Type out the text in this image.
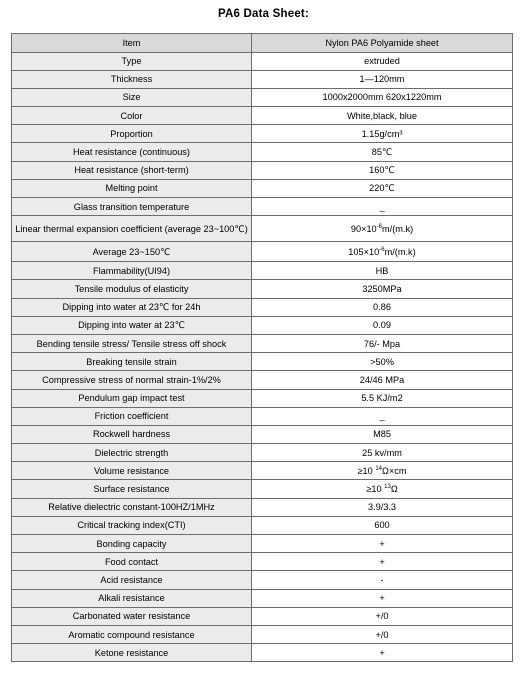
PA6 Data Sheet:
Item	Nylon PA6 Polyamide sheet
Type	extruded
Thickness	1—120mm
Size	1000x2000mm 620x1220mm
Color	White,black, blue
Proportion	1.15g/cm³
Heat resistance (continuous)	85℃
Heat resistance (short-term)	160℃
Melting point	220℃
Glass transition temperature	_
Linear thermal expansion coefficient (average 23~100℃)	$90\times 10^{-6}m/(m.k)$
Average 23~150℃	$105\times 10^{-6}m/(m.k)$
Flammability(UI94)	HB
Tensile modulus of elasticity	3250MPa
Dipping into water at 23℃ for 24h	0.86
Dipping into water at 23℃	0.09
Bending tensile stress/ Tensile stress off shock	76/- Mpa
Breaking tensile strain	>50%
Compressive stress of normal strain-1%/2%	24/46 MPa
Pendulum gap impact test	5.5 KJ/m2
Friction coefficient	_
Rockwell hardness	M85
Dielectric strength	25 kv/mm
Volume resistance	≥10 $^{14}$Ω×cm
Surface resistance	≥10 $^{13}$Ω
Relative dielectric constant-100HZ/1MHz	3.9/3.3
Critical tracking index(CTI)	600
Bonding capacity	+
Food contact	+
Acid resistance	-
Alkali resistance	+
Carbonated water resistance	+/0
Aromatic compound resistance	+/0
Ketone resistance	+
